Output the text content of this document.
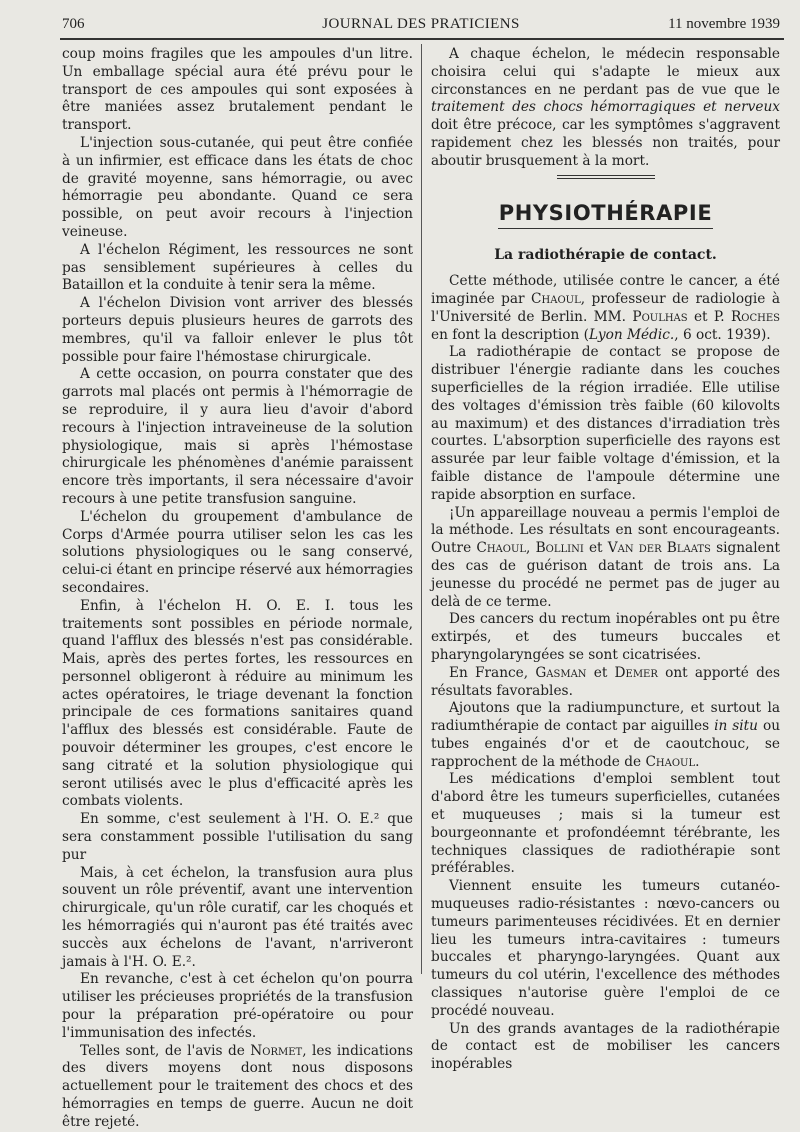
706	JOURNAL DES PRATICIENS	11 novembre 1939

coup moins fragiles que les ampoules d'un litre. Un emballage spécial aura été prévu pour le transport de ces ampoules qui sont exposées à être maniées assez brutalement pendant le transport.

L'injection sous-cutanée, qui peut être confiée à un infirmier, est efficace dans les états de choc de gravité moyenne, sans hémorragie, ou avec hémorragie peu abondante. Quand ce sera possible, on peut avoir recours à l'injection veineuse.

A l'échelon Régiment, les ressources ne sont pas sensiblement supérieures à celles du Bataillon et la conduite à tenir sera la même.

A l'échelon Division vont arriver des blessés porteurs depuis plusieurs heures de garrots des membres, qu'il va falloir enlever le plus tôt possible pour faire l'hémostase chirurgicale.

A cette occasion, on pourra constater que des garrots mal placés ont permis à l'hémorragie de se reproduire, il y aura lieu d'avoir d'abord recours à l'injection intraveineuse de la solution physiologique, mais si après l'hémostase chirurgicale les phénomènes d'anémie paraissent encore très importants, il sera nécessaire d'avoir recours à une petite transfusion sanguine.

L'échelon du groupement d'ambulance de Corps d'Armée pourra utiliser selon les cas les solutions physiologiques ou le sang conservé, celui-ci étant en principe réservé aux hémorragies secondaires.

Enfin, à l'échelon H. O. E. I. tous les traitements sont possibles en période normale, quand l'afflux des blessés n'est pas considérable. Mais, après des pertes fortes, les ressources en personnel obligeront à réduire au minimum les actes opératoires, le triage devenant la fonction principale de ces formations sanitaires quand l'afflux des blessés est considérable. Faute de pouvoir déterminer les groupes, c'est encore le sang citraté et la solution physiologique qui seront utilisés avec le plus d'efficacité après les combats violents.

En somme, c'est seulement à l'H. O. E.² que sera constamment possible l'utilisation du sang pur

Mais, à cet échelon, la transfusion aura plus souvent un rôle préventif, avant une intervention chirurgicale, qu'un rôle curatif, car les choqués et les hémorragiés qui n'auront pas été traités avec succès aux échelons de l'avant, n'arriveront jamais à l'H. O. E.².

En revanche, c'est à cet échelon qu'on pourra utiliser les précieuses propriétés de la transfusion pour la préparation pré-opératoire ou pour l'immunisation des infectés.

Telles sont, de l'avis de Normet, les indications des divers moyens dont nous disposons actuellement pour le traitement des chocs et des hémorragies en temps de guerre. Aucun ne doit être rejeté.

A chaque échelon, le médecin responsable choisira celui qui s'adapte le mieux aux circonstances en ne perdant pas de vue que le traitement des chocs hémorragiques et nerveux doit être précoce, car les symptômes s'aggravent rapidement chez les blessés non traités, pour aboutir brusquement à la mort.

PHYSIOTHÉRAPIE
La radiothérapie de contact.

Cette méthode, utilisée contre le cancer, a été imaginée par Chaoul, professeur de radiologie à l'Université de Berlin. MM. Poulhas et P. Roches en font la description (Lyon Médic., 6 oct. 1939).

La radiothérapie de contact se propose de distribuer l'énergie radiante dans les couches superficielles de la région irradiée. Elle utilise des voltages d'émission très faible (60 kilovolts au maximum) et des distances d'irradiation très courtes. L'absorption superficielle des rayons est assurée par leur faible voltage d'émission, et la faible distance de l'ampoule détermine une rapide absorption en surface.

¡Un appareillage nouveau a permis l'emploi de la méthode. Les résultats en sont encourageants. Outre Chaoul, Bollini et Van der Blaats signalent des cas de guérison datant de trois ans. La jeunesse du procédé ne permet pas de juger au delà de ce terme.

Des cancers du rectum inopérables ont pu être extirpés, et des tumeurs buccales et pharyngolaryngées se sont cicatrisées.

En France, Gasman et Demer ont apporté des résultats favorables.

Ajoutons que la radiumpuncture, et surtout la radiumthérapie de contact par aiguilles in situ ou tubes engainés d'or et de caoutchouc, se rapprochent de la méthode de Chaoul.

Les médications d'emploi semblent tout d'abord être les tumeurs superficielles, cutanées et muqueuses ; mais si la tumeur est bourgeonnante et profondéemnt térébrante, les techniques classiques de radiothérapie sont préférables.

Viennent ensuite les tumeurs cutanéo-muqueuses radio-résistantes : nœvo-cancers ou tumeurs parimenteuses récidivées. Et en dernier lieu les tumeurs intra-cavitaires : tumeurs buccales et pharyngo-laryngées. Quant aux tumeurs du col utérin, l'excellence des méthodes classiques n'autorise guère l'emploi de ce procédé nouveau.

Un des grands avantages de la radiothérapie de contact est de mobiliser les cancers inopérables
